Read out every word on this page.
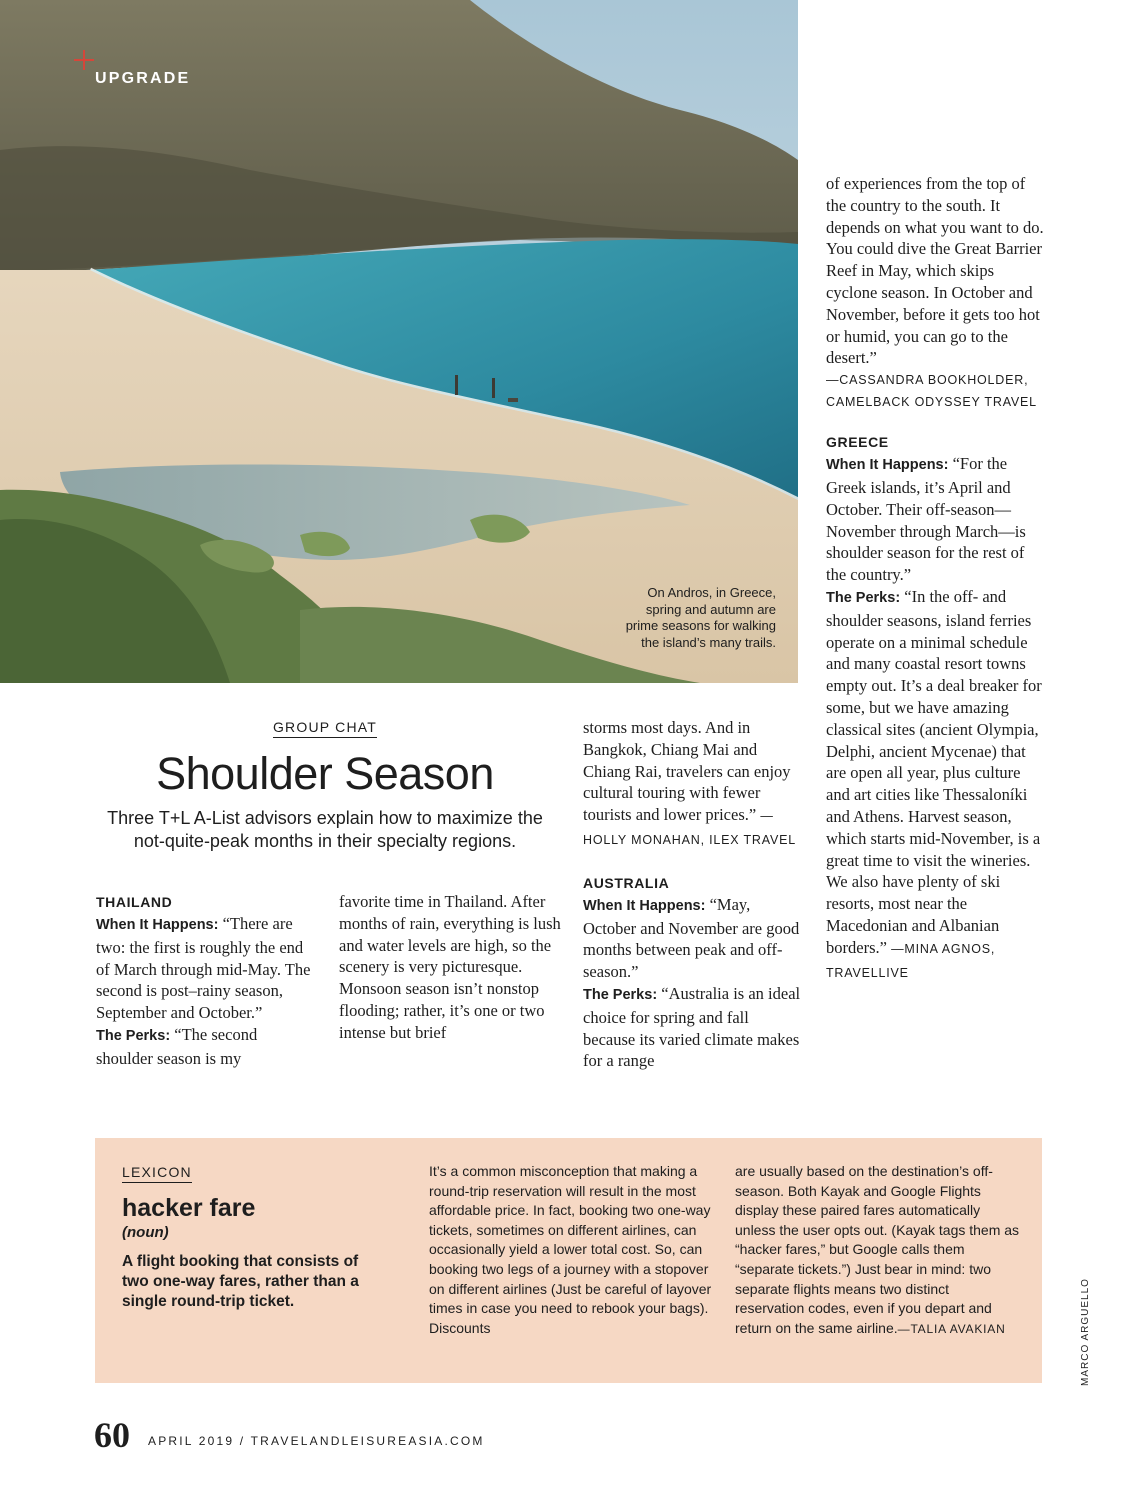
UPGRADE
On Andros, in Greece, spring and autumn are prime seasons for walking the island’s many trails.
GROUP CHAT
Shoulder Season
Three T+L A-List advisors explain how to maximize the not-quite-peak months in their specialty regions.
THAILAND

When It Happens: “There are two: the first is roughly the end of March through mid-May. The second is post–rainy season, September and October.”

The Perks: “The second shoulder season is my

favorite time in Thailand. After months of rain, everything is lush and water levels are high, so the scenery is very picturesque. Monsoon season isn’t nonstop flooding; rather, it’s one or two intense but brief

storms most days. And in Bangkok, Chiang Mai and Chiang Rai, travelers can enjoy cultural touring with fewer tourists and lower prices.” —HOLLY MONAHAN, ILEX TRAVEL

AUSTRALIA

When It Happens: “May, October and November are good months between peak and off-season.”

The Perks: “Australia is an ideal choice for spring and fall because its varied climate makes for a range

of experiences from the top of the country to the south. It depends on what you want to do. You could dive the Great Barrier Reef in May, which skips cyclone season. In October and November, before it gets too hot or humid, you can go to the desert.”

—CASSANDRA BOOKHOLDER, CAMELBACK ODYSSEY TRAVEL

GREECE

When It Happens: “For the Greek islands, it’s April and October. Their off-season—November through March—is shoulder season for the rest of the country.”

The Perks: “In the off- and shoulder seasons, island ferries operate on a minimal schedule and many coastal resort towns empty out. It’s a deal breaker for some, but we have amazing classical sites (ancient Olympia, Delphi, ancient Mycenae) that are open all year, plus culture and art cities like Thessaloníki and Athens. Harvest season, which starts mid-November, is a great time to visit the wineries. We also have plenty of ski resorts, most near the Macedonian and Albanian borders.” —MINA AGNOS, TRAVELLIVE

LEXICON
hacker fare
(noun)
A flight booking that consists of two one-way fares, rather than a single round-trip ticket.
It’s a common misconception that making a round-trip reservation will result in the most affordable price. In fact, booking two one-way tickets, sometimes on different airlines, can occasionally yield a lower total cost. So, can booking two legs of a journey with a stopover on different airlines (Just be careful of layover times in case you need to rebook your bags). Discounts
are usually based on the destination’s off-season. Both Kayak and Google Flights display these paired fares automatically unless the user opts out. (Kayak tags them as “hacker fares,” but Google calls them “separate tickets.”) Just bear in mind: two separate flights means two distinct reservation codes, even if you depart and return on the same airline.—TALIA AVAKIAN	MARCO ARGUELLO
60 APRIL 2019 / TRAVELANDLEISUREASIA.COM
